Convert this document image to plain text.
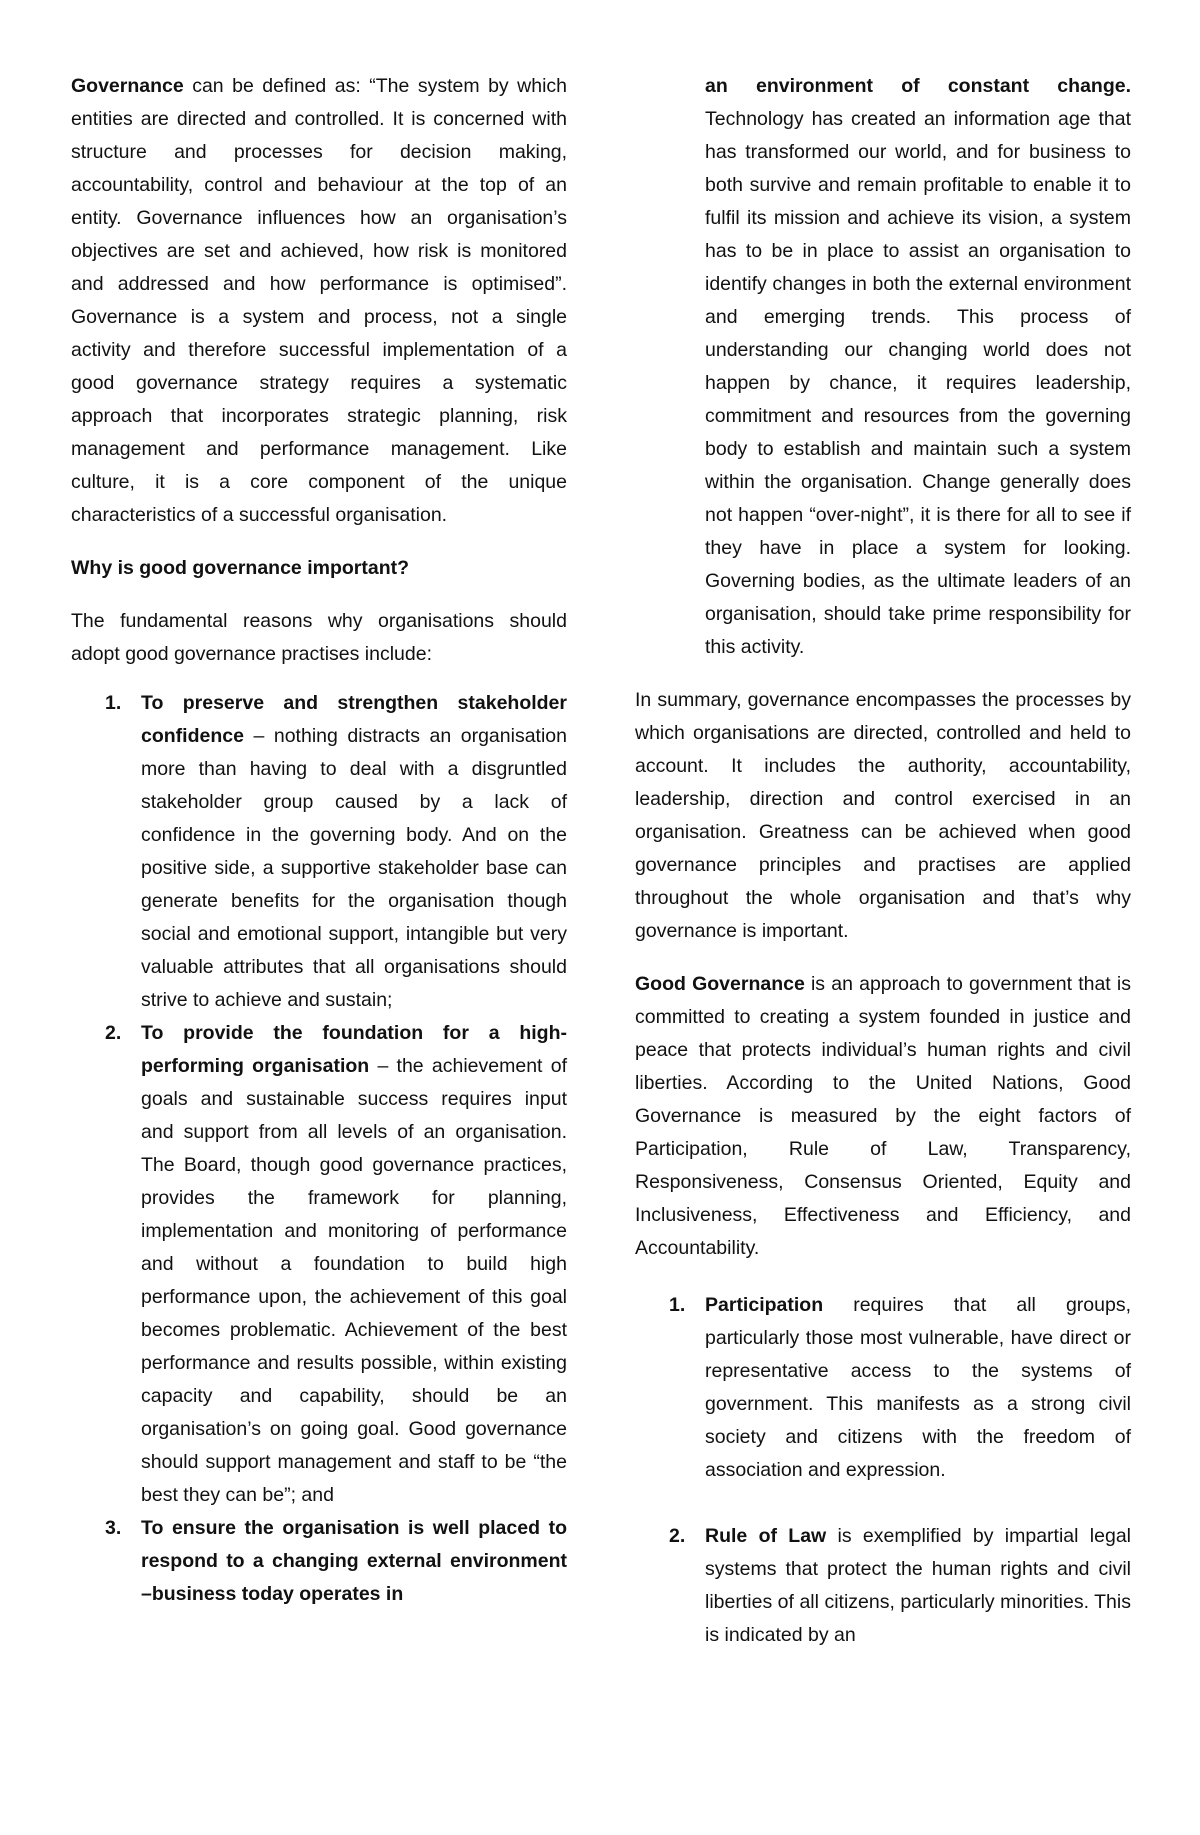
Governance can be defined as: “The system by which entities are directed and controlled. It is concerned with structure and processes for decision making, accountability, control and behaviour at the top of an entity. Governance influences how an organisation’s objectives are set and achieved, how risk is monitored and addressed and how performance is optimised”. Governance is a system and process, not a single activity and therefore successful implementation of a good governance strategy requires a systematic approach that incorporates strategic planning, risk management and performance management. Like culture, it is a core component of the unique characteristics of a successful organisation.

Why is good governance important?

The fundamental reasons why organisations should adopt good governance practises include:

1. To preserve and strengthen stakeholder confidence – nothing distracts an organisation more than having to deal with a disgruntled stakeholder group caused by a lack of confidence in the governing body. And on the positive side, a supportive stakeholder base can generate benefits for the organisation though social and emotional support, intangible but very valuable attributes that all organisations should strive to achieve and sustain;
2. To provide the foundation for a high-performing organisation – the achievement of goals and sustainable success requires input and support from all levels of an organisation. The Board, though good governance practices, provides the framework for planning, implementation and monitoring of performance and without a foundation to build high performance upon, the achievement of this goal becomes problematic. Achievement of the best performance and results possible, within existing capacity and capability, should be an organisation’s on going goal. Good governance should support management and staff to be “the best they can be”; and
3. To ensure the organisation is well placed to respond to a changing external environment –business today operates in

an environment of constant change. Technology has created an information age that has transformed our world, and for business to both survive and remain profitable to enable it to fulfil its mission and achieve its vision, a system has to be in place to assist an organisation to identify changes in both the external environment and emerging trends. This process of understanding our changing world does not happen by chance, it requires leadership, commitment and resources from the governing body to establish and maintain such a system within the organisation. Change generally does not happen “over-night”, it is there for all to see if they have in place a system for looking. Governing bodies, as the ultimate leaders of an organisation, should take prime responsibility for this activity.

In summary, governance encompasses the processes by which organisations are directed, controlled and held to account. It includes the authority, accountability, leadership, direction and control exercised in an organisation. Greatness can be achieved when good governance principles and practises are applied throughout the whole organisation and that’s why governance is important.

Good Governance is an approach to government that is committed to creating a system founded in justice and peace that protects individual’s human rights and civil liberties. According to the United Nations, Good Governance is measured by the eight factors of Participation, Rule of Law, Transparency, Responsiveness, Consensus Oriented, Equity and Inclusiveness, Effectiveness and Efficiency, and Accountability.

1. Participation requires that all groups, particularly those most vulnerable, have direct or representative access to the systems of government. This manifests as a strong civil society and citizens with the freedom of association and expression.
2. Rule of Law is exemplified by impartial legal systems that protect the human rights and civil liberties of all citizens, particularly minorities. This is indicated by an
